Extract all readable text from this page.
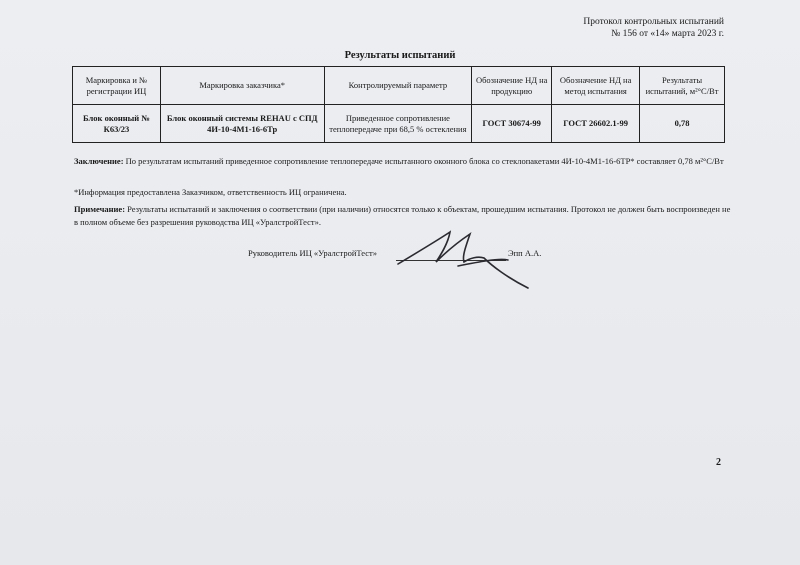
Протокол контрольных испытаний
№ 156 от «14» марта 2023 г.
Результаты испытаний
Маркировка и № регистрации ИЦ	Маркировка заказчика*	Контролируемый параметр	Обозначение НД на продукцию	Обозначение НД на метод испытания	Результаты испытаний, м²°С/Вт
Блок оконный № К63/23	Блок оконный системы REHAU с СПД 4И-10-4М1-16-6Тр	Приведенное сопротивление теплопередаче при 68,5 % остекления	ГОСТ 30674-99	ГОСТ 26602.1-99	0,78
Заключение: По результатам испытаний приведенное сопротивление теплопередаче испытанного оконного блока со стеклопакетами 4И-10-4М1-16-6ТР* составляет 0,78 м²°С/Вт
*Информация предоставлена Заказчиком, ответственность ИЦ ограничена.
Примечание: Результаты испытаний и заключения о соответствии (при наличии) относятся только к объектам, прошедшим испытания. Протокол не должен быть воспроизведен не в полном объеме без разрешения руководства ИЦ «УралстройТест».
Руководитель ИЦ «УралстройТест»	Эпп А.А.
2
